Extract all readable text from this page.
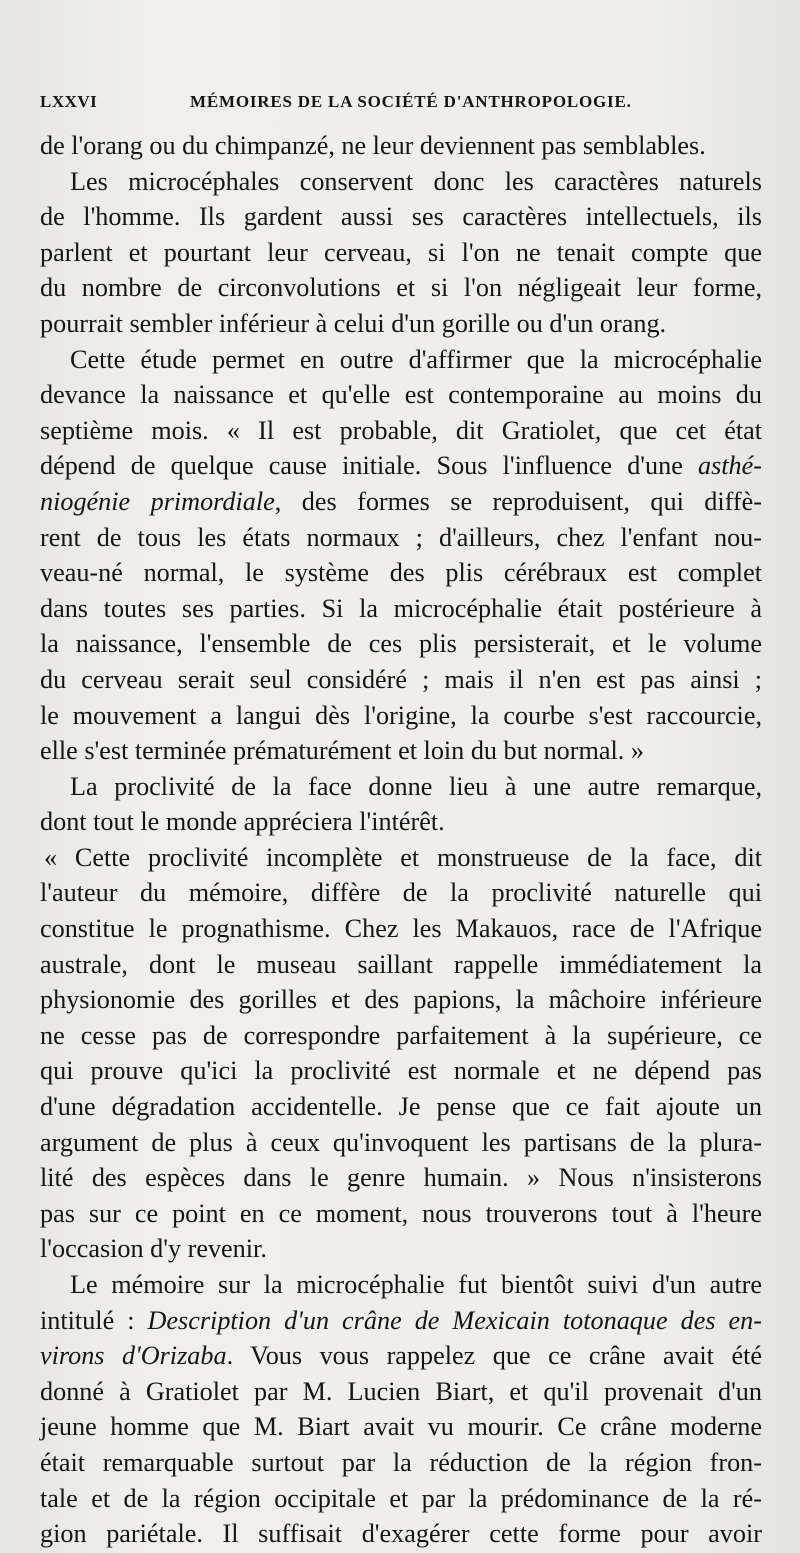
LXXVI	MÉMOIRES DE LA SOCIÉTÉ D'ANTHROPOLOGIE.
de l'orang ou du chimpanzé, ne leur deviennent pas semblables.
Les microcéphales conservent donc les caractères naturels
de l'homme. Ils gardent aussi ses caractères intellectuels, ils
parlent et pourtant leur cerveau, si l'on ne tenait compte que
du nombre de circonvolutions et si l'on négligeait leur forme,
pourrait sembler inférieur à celui d'un gorille ou d'un orang.
Cette étude permet en outre d'affirmer que la microcéphalie
devance la naissance et qu'elle est contemporaine au moins du
septième mois. « Il est probable, dit Gratiolet, que cet état
dépend de quelque cause initiale. Sous l'influence d'une asthé-
niogénie primordiale, des formes se reproduisent, qui diffè-
rent de tous les états normaux ; d'ailleurs, chez l'enfant nou-
veau-né normal, le système des plis cérébraux est complet
dans toutes ses parties. Si la microcéphalie était postérieure à
la naissance, l'ensemble de ces plis persisterait, et le volume
du cerveau serait seul considéré ; mais il n'en est pas ainsi ;
le mouvement a langui dès l'origine, la courbe s'est raccourcie,
elle s'est terminée prématurément et loin du but normal. »
La proclivité de la face donne lieu à une autre remarque,
dont tout le monde appréciera l'intérêt.
« Cette proclivité incomplète et monstrueuse de la face, dit
l'auteur du mémoire, diffère de la proclivité naturelle qui
constitue le prognathisme. Chez les Makauos, race de l'Afrique
australe, dont le museau saillant rappelle immédiatement la
physionomie des gorilles et des papions, la mâchoire inférieure
ne cesse pas de correspondre parfaitement à la supérieure, ce
qui prouve qu'ici la proclivité est normale et ne dépend pas
d'une dégradation accidentelle. Je pense que ce fait ajoute un
argument de plus à ceux qu'invoquent les partisans de la plura-
lité des espèces dans le genre humain. » Nous n'insisterons
pas sur ce point en ce moment, nous trouverons tout à l'heure
l'occasion d'y revenir.
Le mémoire sur la microcéphalie fut bientôt suivi d'un autre
intitulé : Description d'un crâne de Mexicain totonaque des en-
virons d'Orizaba. Vous vous rappelez que ce crâne avait été
donné à Gratiolet par M. Lucien Biart, et qu'il provenait d'un
jeune homme que M. Biart avait vu mourir. Ce crâne moderne
était remarquable surtout par la réduction de la région fron-
tale et de la région occipitale et par la prédominance de la ré-
gion pariétale. Il suffisait d'exagérer cette forme pour avoir
